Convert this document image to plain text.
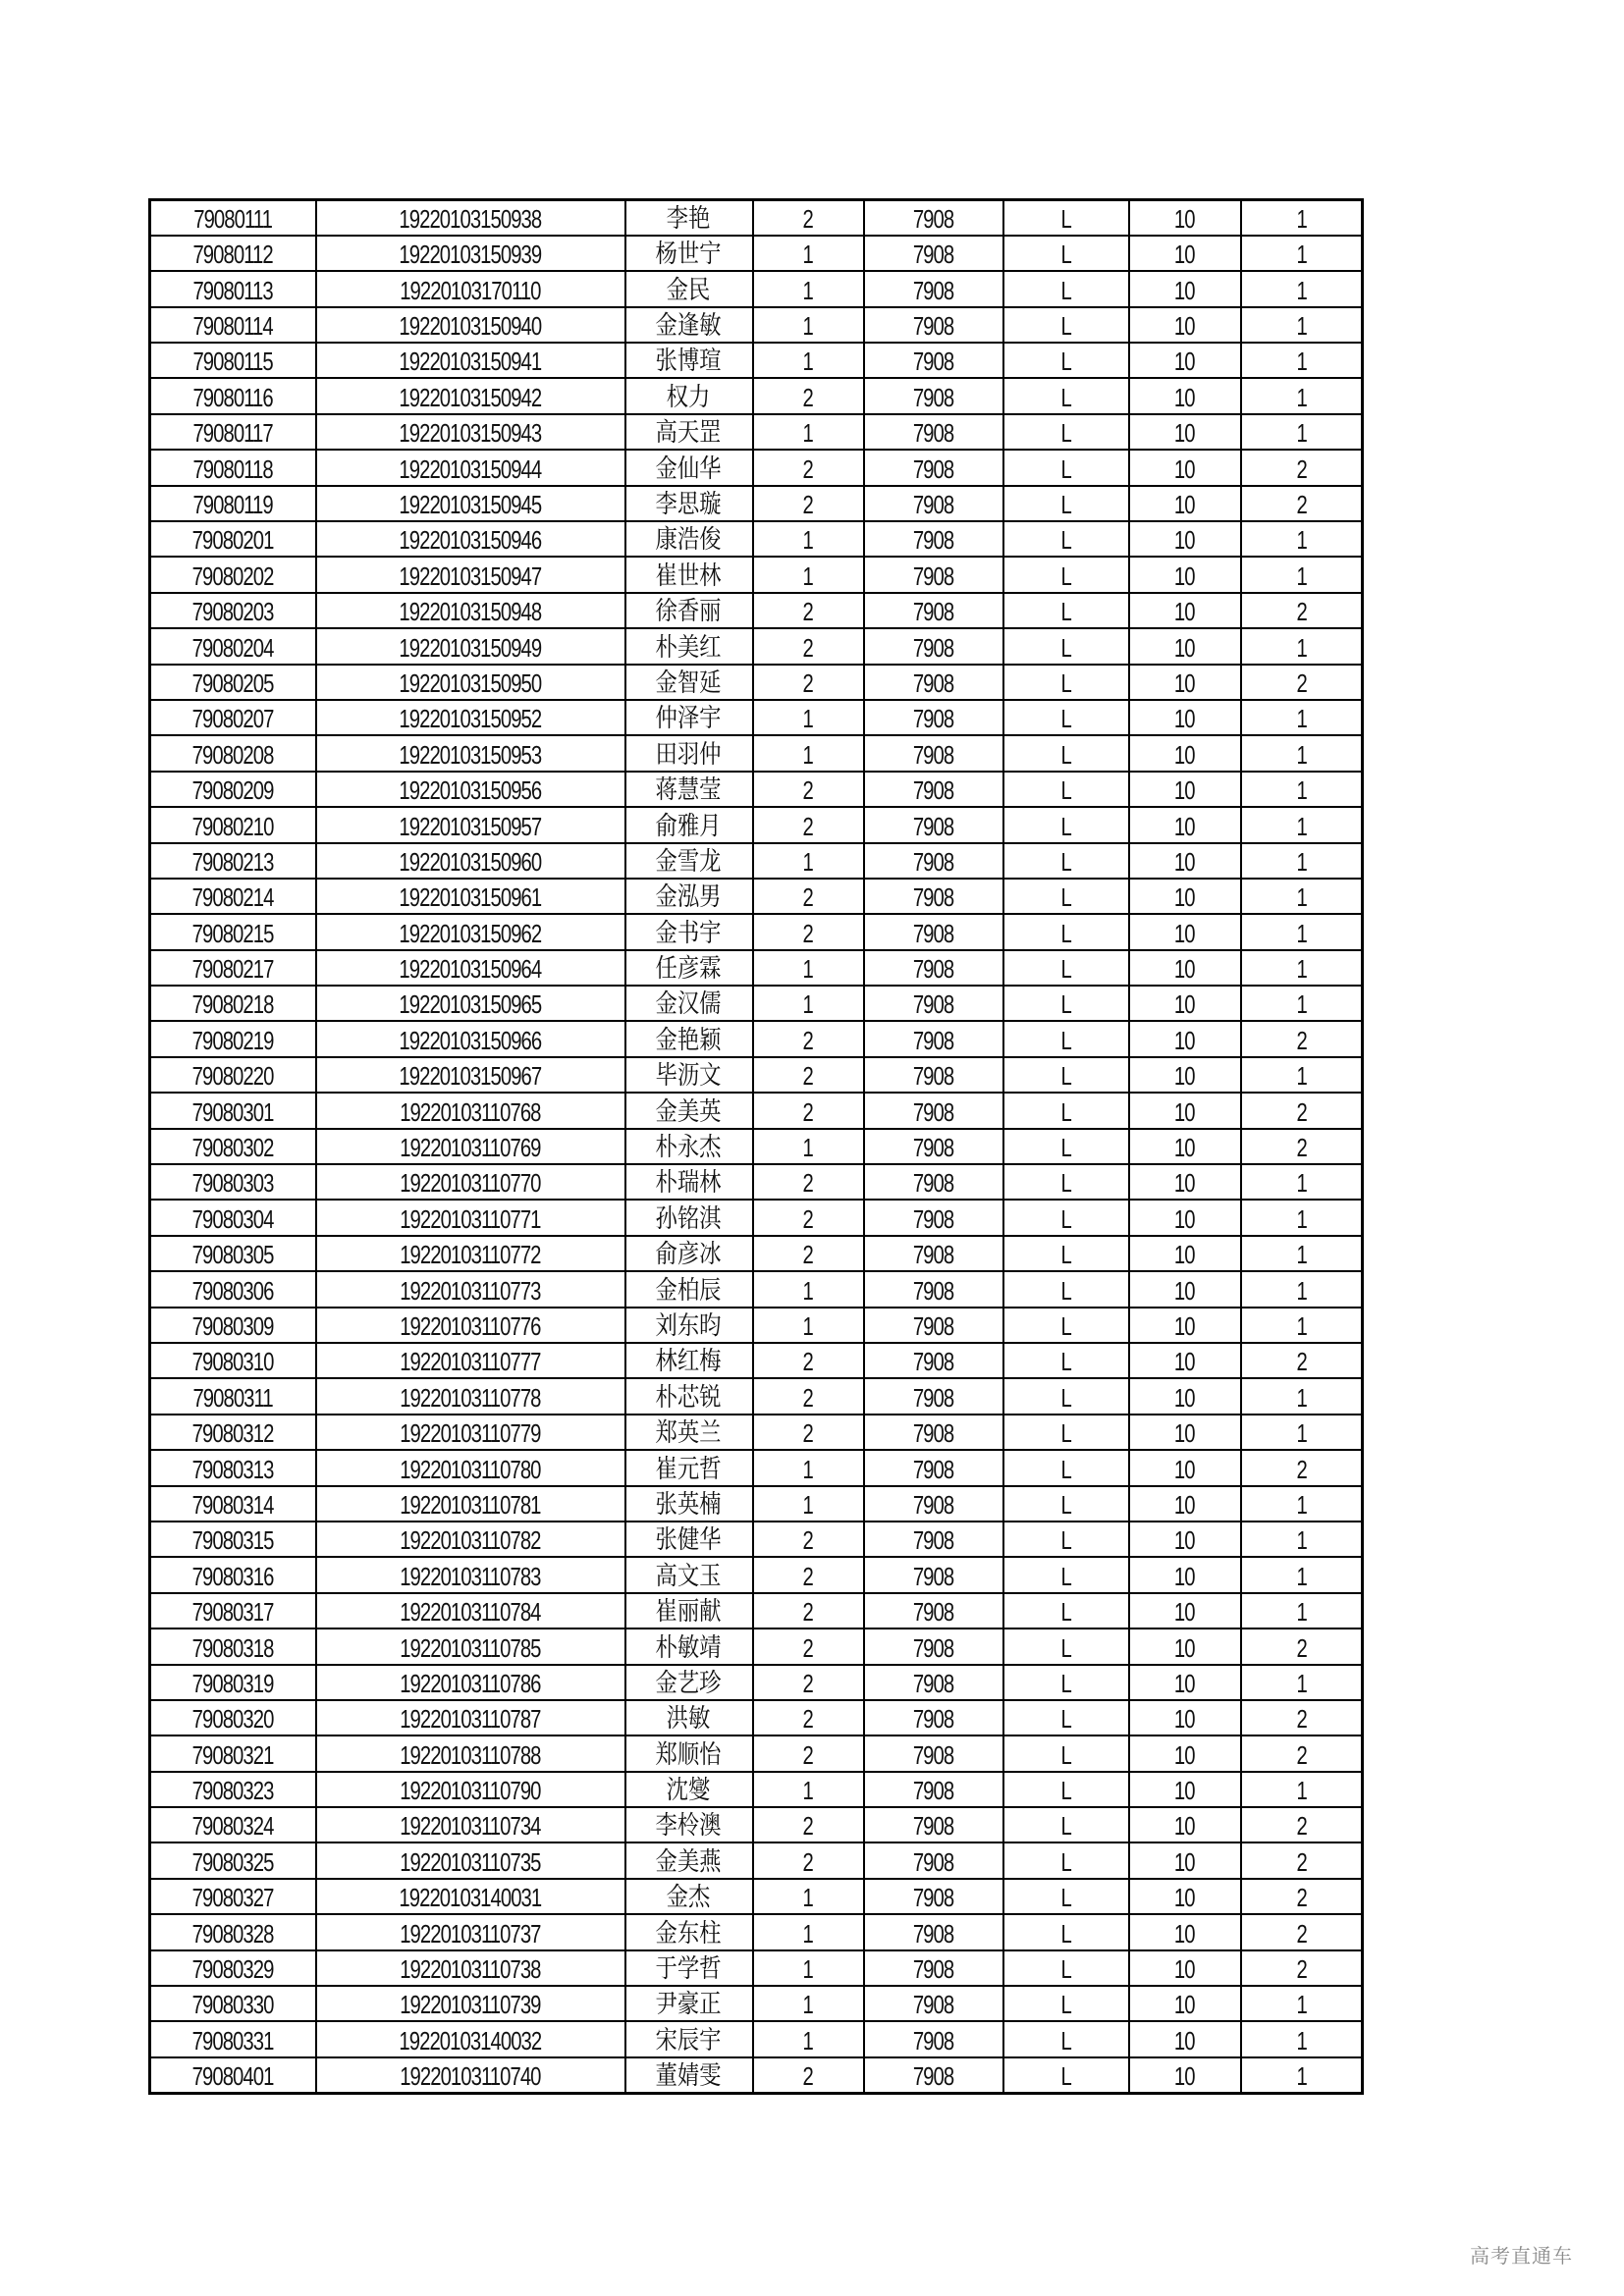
79080111	19220103150938	李艳	2	7908	L	10	1
79080112	19220103150939	杨世宁	1	7908	L	10	1
79080113	19220103170110	金民	1	7908	L	10	1
79080114	19220103150940	金逢敏	1	7908	L	10	1
79080115	19220103150941	张博瑄	1	7908	L	10	1
79080116	19220103150942	权力	2	7908	L	10	1
79080117	19220103150943	高天罡	1	7908	L	10	1
79080118	19220103150944	金仙华	2	7908	L	10	2
79080119	19220103150945	李思璇	2	7908	L	10	2
79080201	19220103150946	康浩俊	1	7908	L	10	1
79080202	19220103150947	崔世林	1	7908	L	10	1
79080203	19220103150948	徐香丽	2	7908	L	10	2
79080204	19220103150949	朴美红	2	7908	L	10	1
79080205	19220103150950	金智延	2	7908	L	10	2
79080207	19220103150952	仲泽宇	1	7908	L	10	1
79080208	19220103150953	田羽仲	1	7908	L	10	1
79080209	19220103150956	蒋慧莹	2	7908	L	10	1
79080210	19220103150957	俞雅月	2	7908	L	10	1
79080213	19220103150960	金雪龙	1	7908	L	10	1
79080214	19220103150961	金泓男	2	7908	L	10	1
79080215	19220103150962	金书宇	2	7908	L	10	1
79080217	19220103150964	任彦霖	1	7908	L	10	1
79080218	19220103150965	金汉儒	1	7908	L	10	1
79080219	19220103150966	金艳颖	2	7908	L	10	2
79080220	19220103150967	毕沥文	2	7908	L	10	1
79080301	19220103110768	金美英	2	7908	L	10	2
79080302	19220103110769	朴永杰	1	7908	L	10	2
79080303	19220103110770	朴瑞林	2	7908	L	10	1
79080304	19220103110771	孙铭淇	2	7908	L	10	1
79080305	19220103110772	俞彦冰	2	7908	L	10	1
79080306	19220103110773	金柏辰	1	7908	L	10	1
79080309	19220103110776	刘东昀	1	7908	L	10	1
79080310	19220103110777	林红梅	2	7908	L	10	2
79080311	19220103110778	朴芯锐	2	7908	L	10	1
79080312	19220103110779	郑英兰	2	7908	L	10	1
79080313	19220103110780	崔元哲	1	7908	L	10	2
79080314	19220103110781	张英楠	1	7908	L	10	1
79080315	19220103110782	张健华	2	7908	L	10	1
79080316	19220103110783	高文玉	2	7908	L	10	1
79080317	19220103110784	崔丽献	2	7908	L	10	1
79080318	19220103110785	朴敏靖	2	7908	L	10	2
79080319	19220103110786	金艺珍	2	7908	L	10	1
79080320	19220103110787	洪敏	2	7908	L	10	2
79080321	19220103110788	郑顺怡	2	7908	L	10	2
79080323	19220103110790	沈燮	1	7908	L	10	1
79080324	19220103110734	李柃澳	2	7908	L	10	2
79080325	19220103110735	金美燕	2	7908	L	10	2
79080327	19220103140031	金杰	1	7908	L	10	2
79080328	19220103110737	金东柱	1	7908	L	10	2
79080329	19220103110738	于学哲	1	7908	L	10	2
79080330	19220103110739	尹豪正	1	7908	L	10	1
79080331	19220103140032	宋辰宇	1	7908	L	10	1
79080401	19220103110740	董婧雯	2	7908	L	10	1
高考直通车
